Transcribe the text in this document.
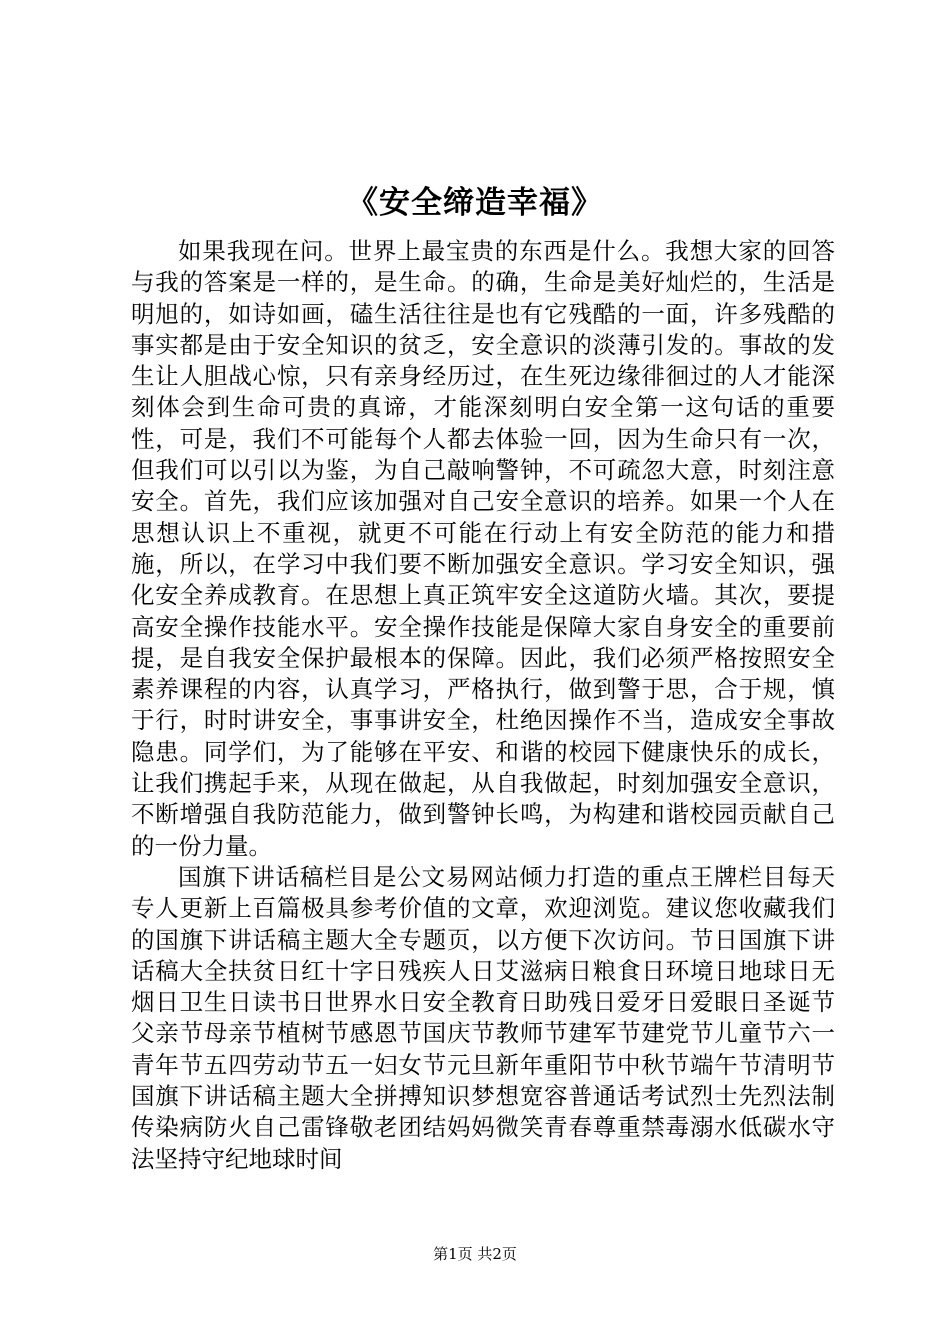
《安全缔造幸福》

如果我现在问。世界上最宝贵的东西是什么。我想大家的回答与我的答案是一样的，是生命。的确，生命是美好灿烂的，生活是明旭的，如诗如画，磕生活往往是也有它残酷的一面，许多残酷的事实都是由于安全知识的贫乏，安全意识的淡薄引发的。事故的发生让人胆战心惊，只有亲身经历过，在生死边缘徘徊过的人才能深刻体会到生命可贵的真谛，才能深刻明白安全第一这句话的重要性，可是，我们不可能每个人都去体验一回，因为生命只有一次，但我们可以引以为鉴，为自己敲响警钟，不可疏忽大意，时刻注意安全。首先，我们应该加强对自己安全意识的培养。如果一个人在思想认识上不重视，就更不可能在行动上有安全防范的能力和措施，所以，在学习中我们要不断加强安全意识。学习安全知识，强化安全养成教育。在思想上真正筑牢安全这道防火墙。其次，要提高安全操作技能水平。安全操作技能是保障大家自身安全的重要前提，是自我安全保护最根本的保障。因此，我们必须严格按照安全素养课程的内容，认真学习，严格执行，做到警于思，合于规，慎于行，时时讲安全，事事讲安全，杜绝因操作不当，造成安全事故隐患。同学们，为了能够在平安、和谐的校园下健康快乐的成长，让我们携起手来，从现在做起，从自我做起，时刻加强安全意识，不断增强自我防范能力，做到警钟长鸣，为构建和谐校园贡献自己的一份力量。

国旗下讲话稿栏目是公文易网站倾力打造的重点王牌栏目每天专人更新上百篇极具参考价值的文章，欢迎浏览。建议您收藏我们的国旗下讲话稿主题大全专题页，以方便下次访问。节日国旗下讲话稿大全扶贫日红十字日残疾人日艾滋病日粮食日环境日地球日无烟日卫生日读书日世界水日安全教育日助残日爱牙日爱眼日圣诞节父亲节母亲节植树节感恩节国庆节教师节建军节建党节儿童节六一青年节五四劳动节五一妇女节元旦新年重阳节中秋节端午节清明节国旗下讲话稿主题大全拼搏知识梦想宽容普通话考试烈士先烈法制传染病防火自己雷锋敬老团结妈妈微笑青春尊重禁毒溺水低碳水守法坚持守纪地球时间

第1页 共2页
